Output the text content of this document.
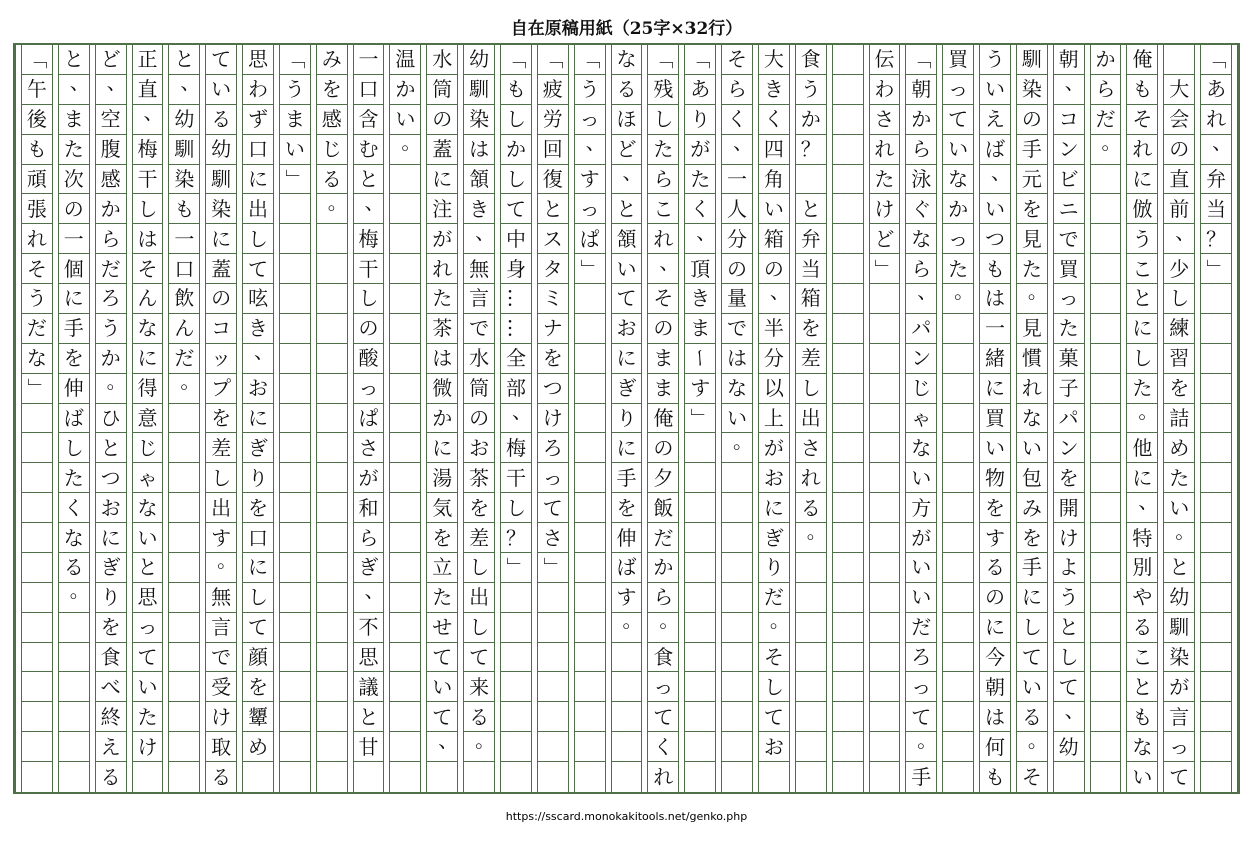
自在原稿用紙（25字×32行）
「
あ
れ
、
弁
当
？
」
大
会
の
直
前
、
少
し
練
習
を
詰
め
た
い
。
と
幼
馴
染
が
言
っ
て
俺
も
そ
れ
に
倣
う
こ
と
に
し
た
。
他
に
、
特
別
や
る
こ
と
も
な
い
か
ら
だ
。
朝
、
コ
ン
ビ
ニ
で
買
っ
た
菓
子
パ
ン
を
開
け
よ
う
と
し
て
、
幼
馴
染
の
手
元
を
見
た
。
見
慣
れ
な
い
包
み
を
手
に
し
て
い
る
。
そ
う
い
え
ば
、
い
つ
も
は
一
緒
に
買
い
物
を
す
る
の
に
今
朝
は
何
も
買
っ
て
い
な
か
っ
た
。
「
朝
か
ら
泳
ぐ
な
ら
、
パ
ン
じ
ゃ
な
い
方
が
い
い
だ
ろ
っ
て
。
手
伝
わ
さ
れ
た
け
ど
」
食
う
か
？
と
弁
当
箱
を
差
し
出
さ
れ
る
。
大
き
く
四
角
い
箱
の
、
半
分
以
上
が
お
に
ぎ
り
だ
。
そ
し
て
お
そ
ら
く
、
一
人
分
の
量
で
は
な
い
。
「
あ
り
が
た
く
、
頂
き
ま
ー
す
」
「
残
し
た
ら
こ
れ
、
そ
の
ま
ま
俺
の
夕
飯
だ
か
ら
。
食
っ
て
く
れ
な
る
ほ
ど
、
と
頷
い
て
お
に
ぎ
り
に
手
を
伸
ば
す
。
「
う
っ
、
す
っ
ぱ
」
「
疲
労
回
復
と
ス
タ
ミ
ナ
を
つ
け
ろ
っ
て
さ
」
「
も
し
か
し
て
中
身
…
…
全
部
、
梅
干
し
？
」
幼
馴
染
は
頷
き
、
無
言
で
水
筒
の
お
茶
を
差
し
出
し
て
来
る
。
水
筒
の
蓋
に
注
が
れ
た
茶
は
微
か
に
湯
気
を
立
た
せ
て
い
て
、
温
か
い
。
一
口
含
む
と
、
梅
干
し
の
酸
っ
ぱ
さ
が
和
ら
ぎ
、
不
思
議
と
甘
み
を
感
じ
る
。
「
う
ま
い
」
思
わ
ず
口
に
出
し
て
呟
き
、
お
に
ぎ
り
を
口
に
し
て
顔
を
顰
め
て
い
る
幼
馴
染
に
蓋
の
コ
ッ
プ
を
差
し
出
す
。
無
言
で
受
け
取
る
と
、
幼
馴
染
も
一
口
飲
ん
だ
。
正
直
、
梅
干
し
は
そ
ん
な
に
得
意
じ
ゃ
な
い
と
思
っ
て
い
た
け
ど
、
空
腹
感
か
ら
だ
ろ
う
か
。
ひ
と
つ
お
に
ぎ
り
を
食
べ
終
え
る
と
、
ま
た
次
の
一
個
に
手
を
伸
ば
し
た
く
な
る
。
「
午
後
も
頑
張
れ
そ
う
だ
な
」
https://sscard.monokakitools.net/genko.php
